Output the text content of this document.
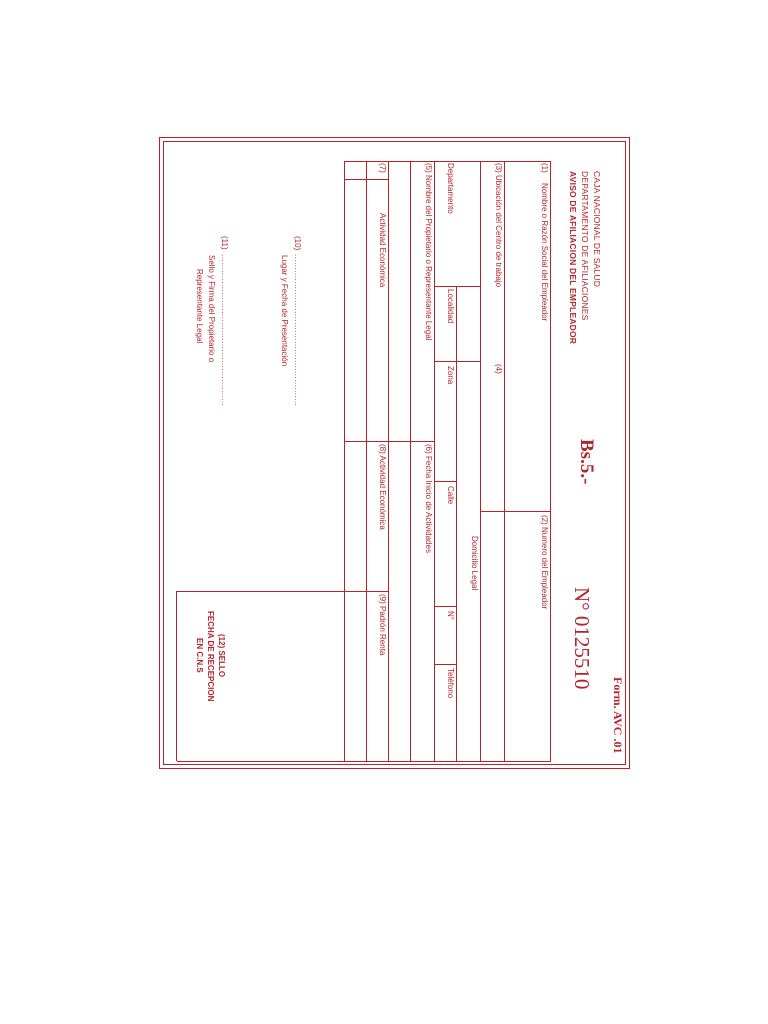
CAJA NACIONAL DE SALUD
DEPARTAMENTO DE AFILIACIONES
AVISO DE AFILIACION DEL EMPLEADOR
Bs.5.-
N° 0125510
Form. AVC .01
(1)
Nombre o Razón Social del Empleador
(2) Numero del Empleador
(3) Ubicación del Centro de trabajo
(4)
Domicilio Legal
Departamento
Localidad
Zona
Calle
N°
Teléfono
(5) Nombre del Propietario o Representante Legal
(6) Fecha Inicio de Actividades
(7)
Actividad Económica
(8) Actividad Económica
(9) Padrón Renta
(10)
........................................................
Lugar y Fecha de Presentación
(11)
........................................................
Sello y Firma del Propietario o
Representante Legal
(12) SELLO
FECHA DE RECEPCION
EN C.N.S
